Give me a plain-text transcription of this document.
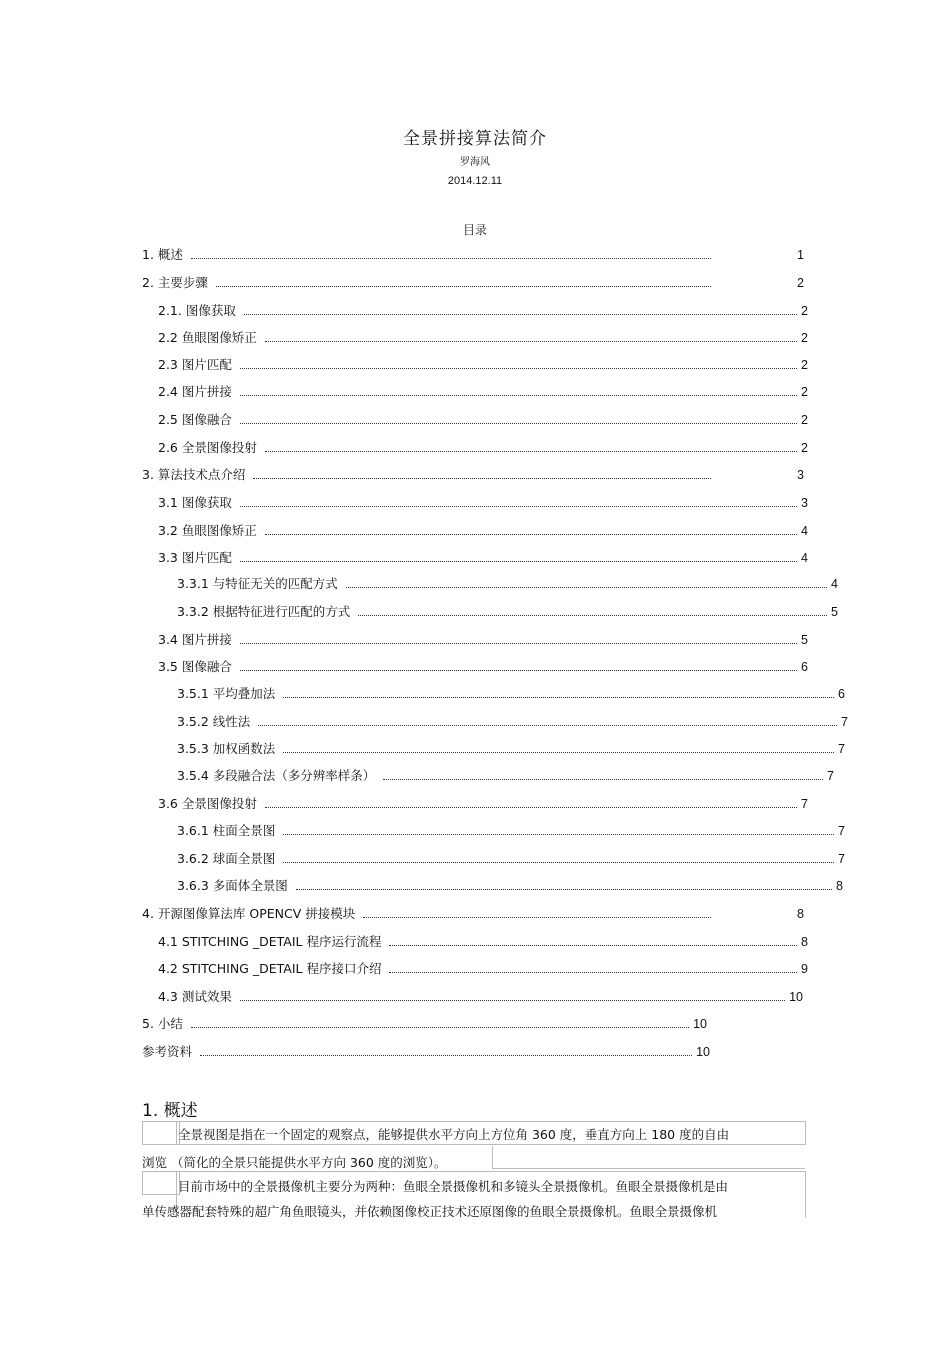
全景拼接算法简介
罗海风
2014.12.11
目录
1. 概述	1
2. 主要步骤	2
2.1. 图像获取	2
2.2 鱼眼图像矫正	2
2.3 图片匹配	2
2.4 图片拼接	2
2.5 图像融合	2
2.6 全景图像投射	2
3. 算法技术点介绍	3
3.1 图像获取	3
3.2 鱼眼图像矫正	4
3.3 图片匹配	4
3.3.1 与特征无关的匹配方式	4
3.3.2 根据特征进行匹配的方式	5
3.4 图片拼接	5
3.5 图像融合	6
3.5.1 平均叠加法	6
3.5.2 线性法	7
3.5.3 加权函数法	7
3.5.4 多段融合法（多分辨率样条）	7
3.6 全景图像投射	7
3.6.1 柱面全景图	7
3.6.2 球面全景图	7
3.6.3 多面体全景图	8
4. 开源图像算法库 OPENCV 拼接模块	8
4.1 STITCHING _DETAIL 程序运行流程	8
4.2 STITCHING _DETAIL 程序接口介绍	9
4.3 测试效果	10
5. 小结	10
参考资料	10
1. 概述
全景视图是指在一个固定的观察点，能够提供水平方向上方位角 360 度，垂直方向上 180 度的自由
浏览 （简化的全景只能提供水平方向 360 度的浏览）。
目前市场中的全景摄像机主要分为两种：鱼眼全景摄像机和多镜头全景摄像机。鱼眼全景摄像机是由
单传感器配套特殊的超广角鱼眼镜头，并依赖图像校正技术还原图像的鱼眼全景摄像机。鱼眼全景摄像机
